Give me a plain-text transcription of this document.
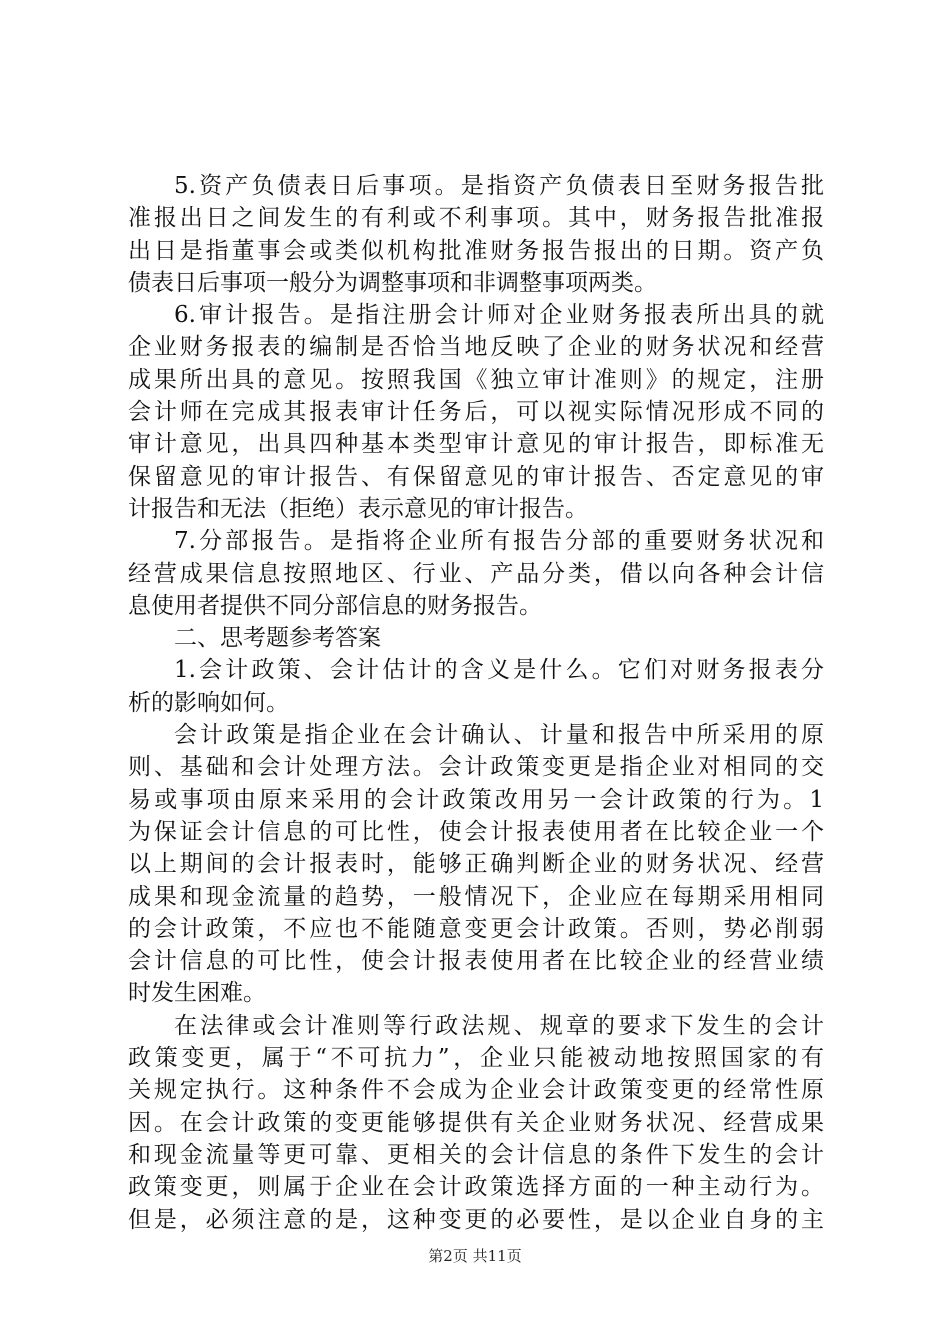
5.资产负债表日后事项。是指资产负债表日至财务报告批
准报出日之间发生的有利或不利事项。其中，财务报告批准报
出日是指董事会或类似机构批准财务报告报出的日期。资产负
债表日后事项一般分为调整事项和非调整事项两类。
6.审计报告。是指注册会计师对企业财务报表所出具的就
企业财务报表的编制是否恰当地反映了企业的财务状况和经营
成果所出具的意见。按照我国《独立审计准则》的规定，注册
会计师在完成其报表审计任务后，可以视实际情况形成不同的
审计意见，出具四种基本类型审计意见的审计报告，即标准无
保留意见的审计报告、有保留意见的审计报告、否定意见的审
计报告和无法（拒绝）表示意见的审计报告。
7.分部报告。是指将企业所有报告分部的重要财务状况和
经营成果信息按照地区、行业、产品分类，借以向各种会计信
息使用者提供不同分部信息的财务报告。
二、思考题参考答案
1.会计政策、会计估计的含义是什么。它们对财务报表分
析的影响如何。
会计政策是指企业在会计确认、计量和报告中所采用的原
则、基础和会计处理方法。会计政策变更是指企业对相同的交
易或事项由原来采用的会计政策改用另一会计政策的行为。1
为保证会计信息的可比性，使会计报表使用者在比较企业一个
以上期间的会计报表时，能够正确判断企业的财务状况、经营
成果和现金流量的趋势，一般情况下，企业应在每期采用相同
的会计政策，不应也不能随意变更会计政策。否则，势必削弱
会计信息的可比性，使会计报表使用者在比较企业的经营业绩
时发生困难。
在法律或会计准则等行政法规、规章的要求下发生的会计
政策变更，属于“不可抗力”，企业只能被动地按照国家的有
关规定执行。这种条件不会成为企业会计政策变更的经常性原
因。在会计政策的变更能够提供有关企业财务状况、经营成果
和现金流量等更可靠、更相关的会计信息的条件下发生的会计
政策变更，则属于企业在会计政策选择方面的一种主动行为。
但是，必须注意的是，这种变更的必要性，是以企业自身的主
第2页 共11页
